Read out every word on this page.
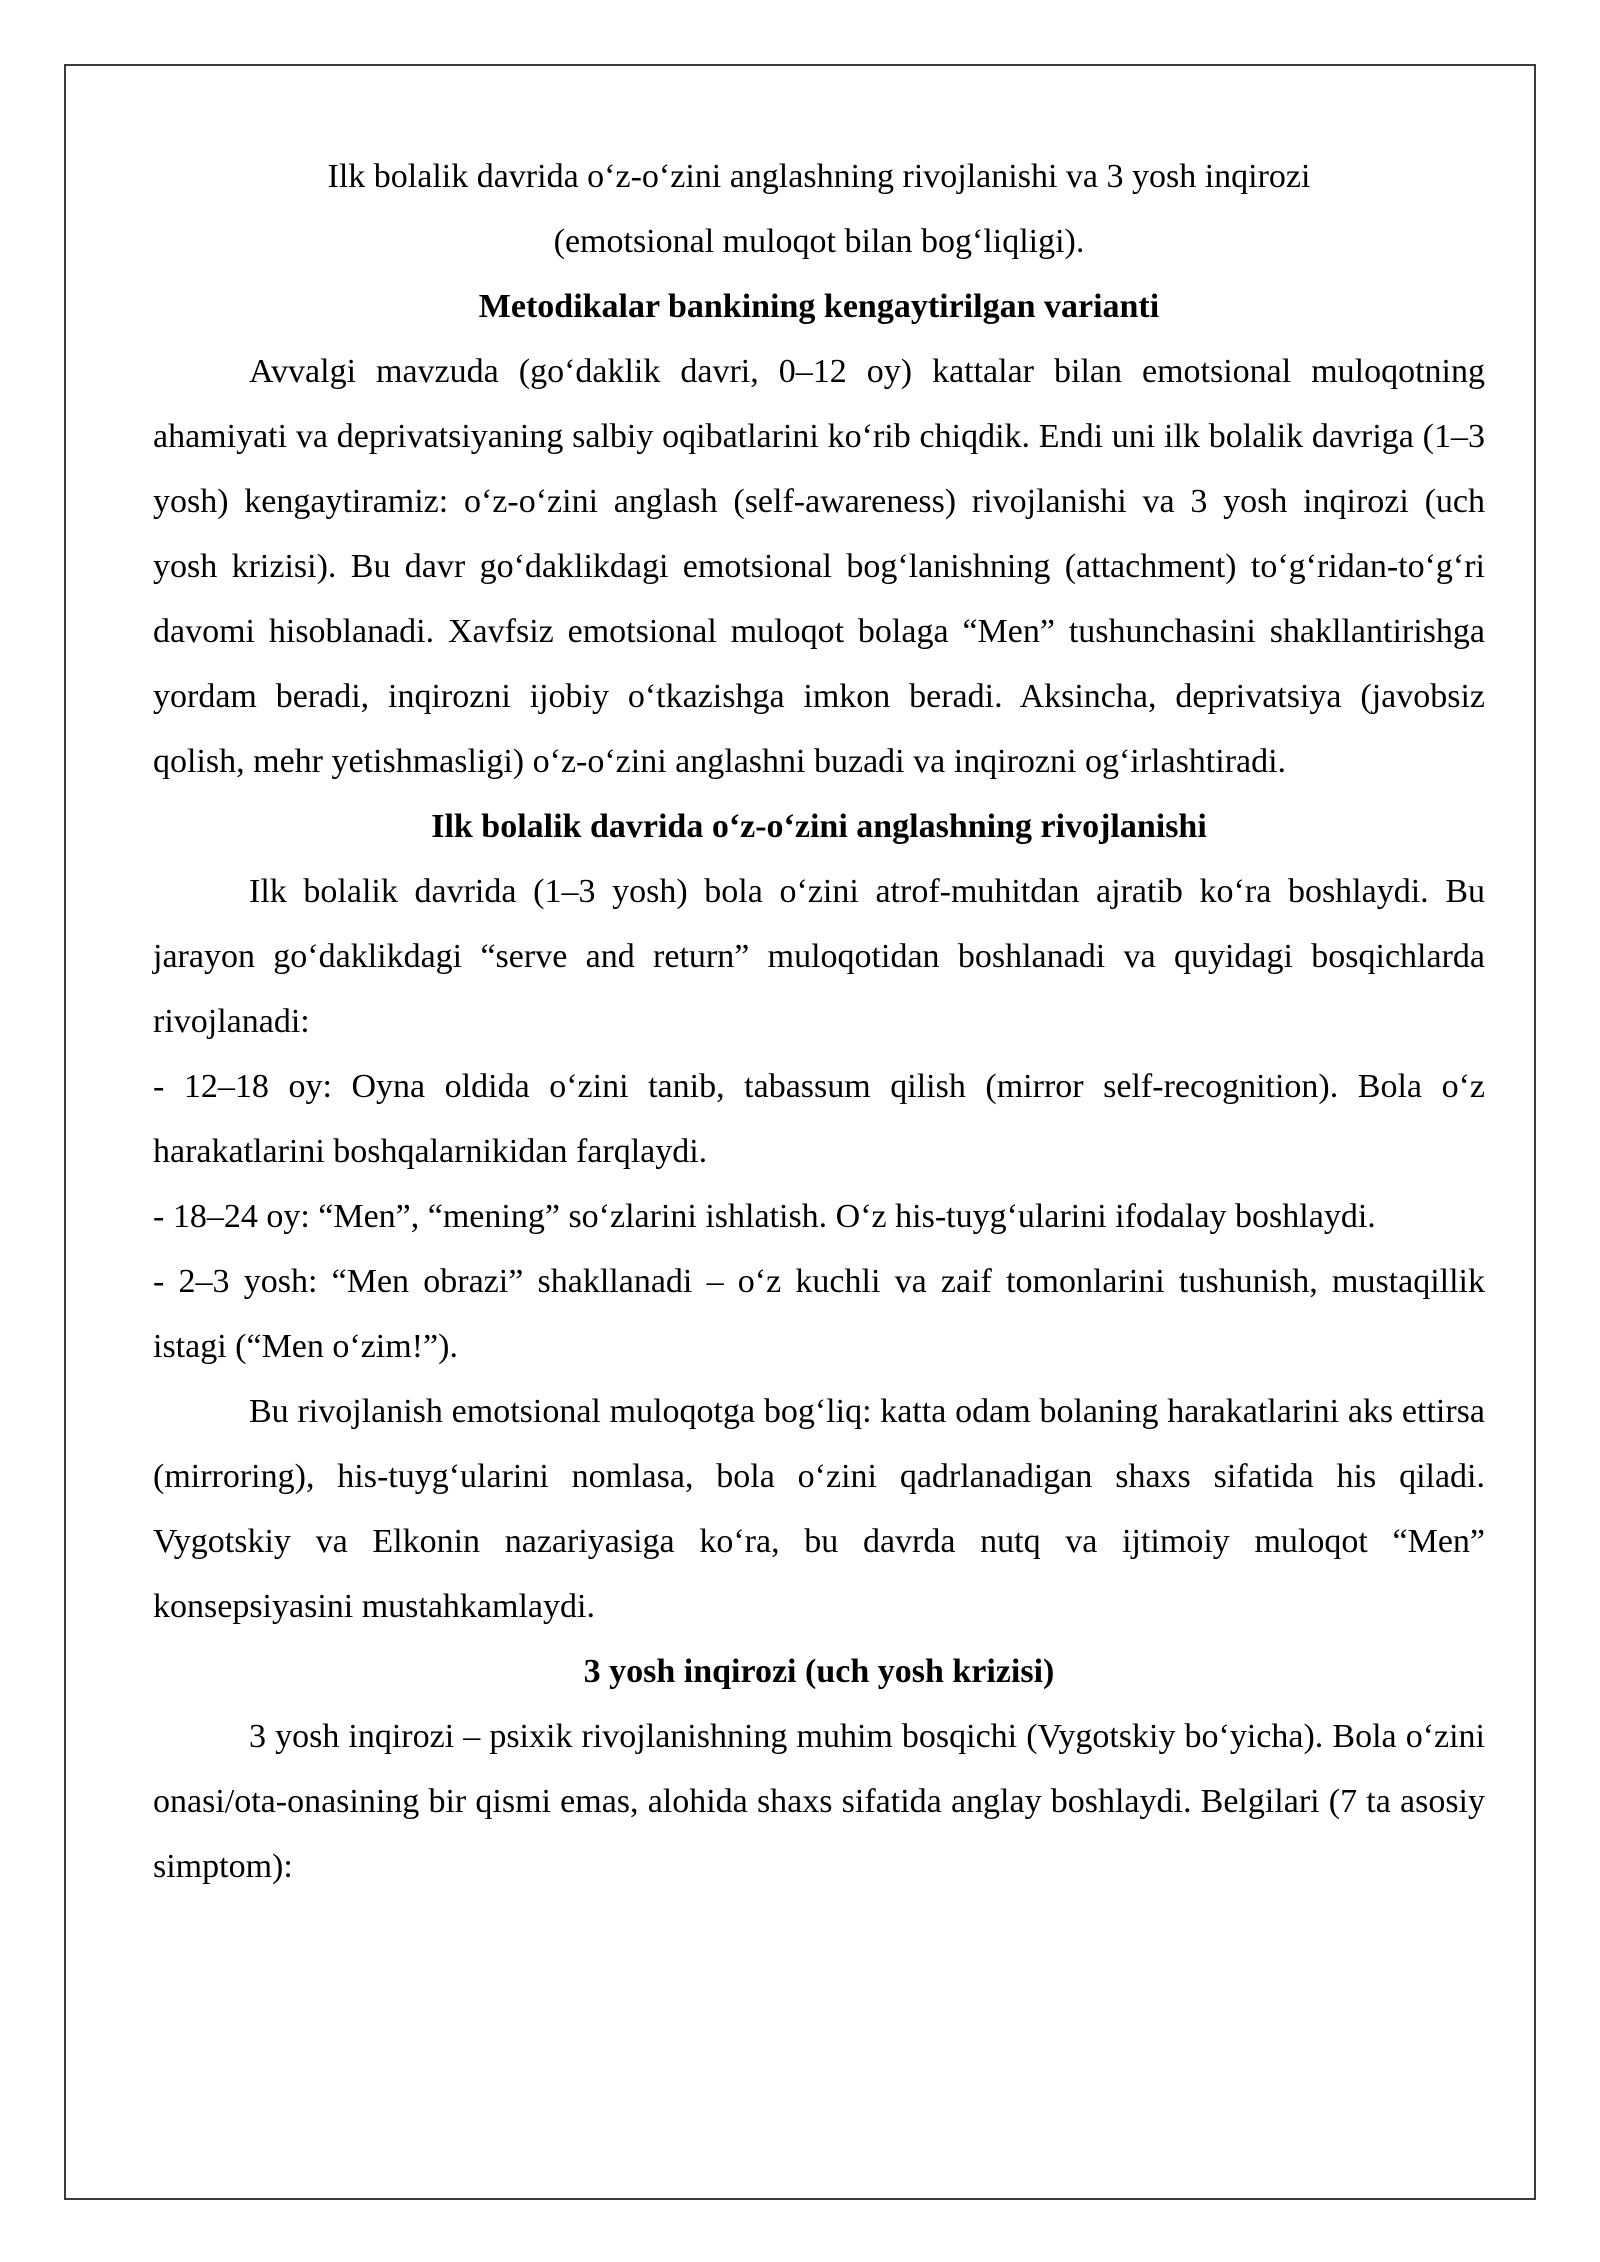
Ilk bolalik davrida o‘z-o‘zini anglashning rivojlanishi va 3 yosh inqirozi

(emotsional muloqot bilan bog‘liqligi).

Metodikalar bankining kengaytirilgan varianti

Avvalgi mavzuda (go‘daklik davri, 0–12 oy) kattalar bilan emotsional muloqotning ahamiyati va deprivatsiyaning salbiy oqibatlarini ko‘rib chiqdik. Endi uni ilk bolalik davriga (1–3 yosh) kengaytiramiz: o‘z-o‘zini anglash (self-awareness) rivojlanishi va 3 yosh inqirozi (uch yosh krizisi). Bu davr go‘daklikdagi emotsional bog‘lanishning (attachment) to‘g‘ridan-to‘g‘ri davomi hisoblanadi. Xavfsiz emotsional muloqot bolaga “Men” tushunchasini shakllantirishga yordam beradi, inqirozni ijobiy o‘tkazishga imkon beradi. Aksincha, deprivatsiya (javobsiz qolish, mehr yetishmasligi) o‘z-o‘zini anglashni buzadi va inqirozni og‘irlashtiradi.

Ilk bolalik davrida o‘z-o‘zini anglashning rivojlanishi

Ilk bolalik davrida (1–3 yosh) bola o‘zini atrof-muhitdan ajratib ko‘ra boshlaydi. Bu jarayon go‘daklikdagi “serve and return” muloqotidan boshlanadi va quyidagi bosqichlarda rivojlanadi:

- 12–18 oy: Oyna oldida o‘zini tanib, tabassum qilish (mirror self-recognition). Bola o‘z harakatlarini boshqalarnikidan farqlaydi.

- 18–24 oy: “Men”, “mening” so‘zlarini ishlatish. O‘z his-tuyg‘ularini ifodalay boshlaydi.

- 2–3 yosh: “Men obrazi” shakllanadi – o‘z kuchli va zaif tomonlarini tushunish, mustaqillik istagi (“Men o‘zim!”).

Bu rivojlanish emotsional muloqotga bog‘liq: katta odam bolaning harakatlarini aks ettirsa (mirroring), his-tuyg‘ularini nomlasa, bola o‘zini qadrlanadigan shaxs sifatida his qiladi. Vygotskiy va Elkonin nazariyasiga ko‘ra, bu davrda nutq va ijtimoiy muloqot “Men” konsepsiyasini mustahkamlaydi.

3 yosh inqirozi (uch yosh krizisi)

3 yosh inqirozi – psixik rivojlanishning muhim bosqichi (Vygotskiy bo‘yicha). Bola o‘zini onasi/ota-onasining bir qismi emas, alohida shaxs sifatida anglay boshlaydi. Belgilari (7 ta asosiy simptom):
